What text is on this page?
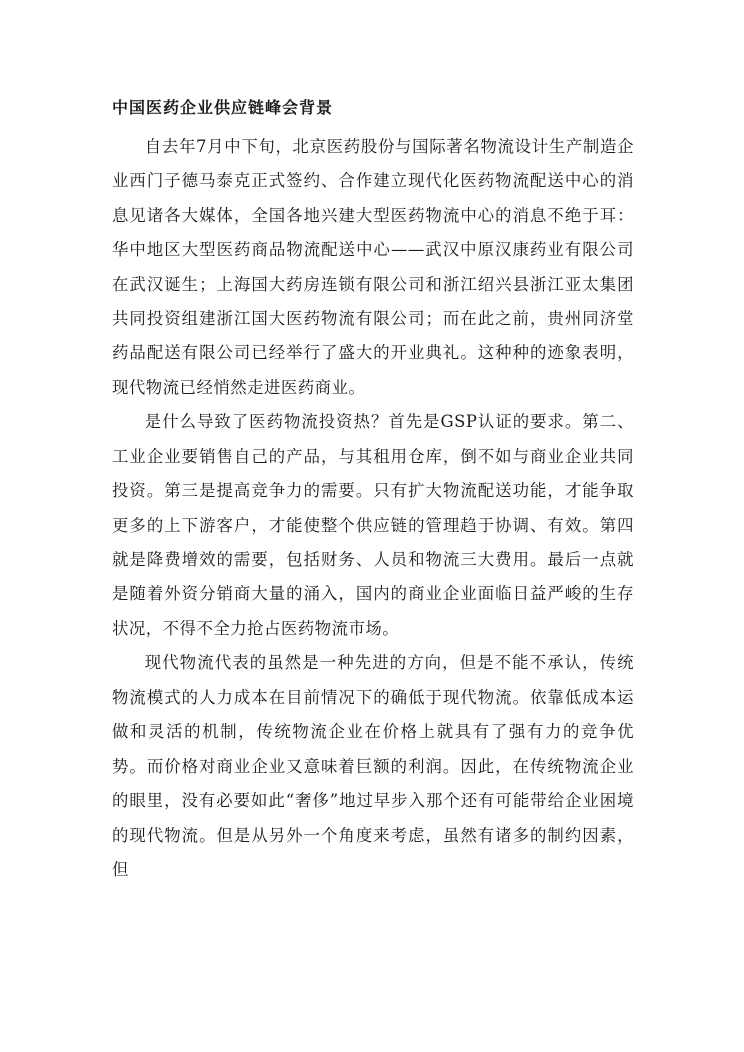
中国医药企业供应链峰会背景

自去年7月中下旬，北京医药股份与国际著名物流设计生产制造企业西门子德马泰克正式签约、合作建立现代化医药物流配送中心的消息见诸各大媒体，全国各地兴建大型医药物流中心的消息不绝于耳：华中地区大型医药商品物流配送中心——武汉中原汉康药业有限公司在武汉诞生；上海国大药房连锁有限公司和浙江绍兴县浙江亚太集团共同投资组建浙江国大医药物流有限公司；而在此之前，贵州同济堂药品配送有限公司已经举行了盛大的开业典礼。这种种的迹象表明，现代物流已经悄然走进医药商业。

是什么导致了医药物流投资热？首先是GSP认证的要求。第二、工业企业要销售自己的产品，与其租用仓库，倒不如与商业企业共同投资。第三是提高竞争力的需要。只有扩大物流配送功能，才能争取更多的上下游客户，才能使整个供应链的管理趋于协调、有效。第四就是降费增效的需要，包括财务、人员和物流三大费用。最后一点就是随着外资分销商大量的涌入，国内的商业企业面临日益严峻的生存状况，不得不全力抢占医药物流市场。

现代物流代表的虽然是一种先进的方向，但是不能不承认，传统物流模式的人力成本在目前情况下的确低于现代物流。依靠低成本运做和灵活的机制，传统物流企业在价格上就具有了强有力的竞争优势。而价格对商业企业又意味着巨额的利润。因此，在传统物流企业的眼里，没有必要如此“奢侈”地过早步入那个还有可能带给企业困境的现代物流。但是从另外一个角度来考虑，虽然有诸多的制约因素，但
